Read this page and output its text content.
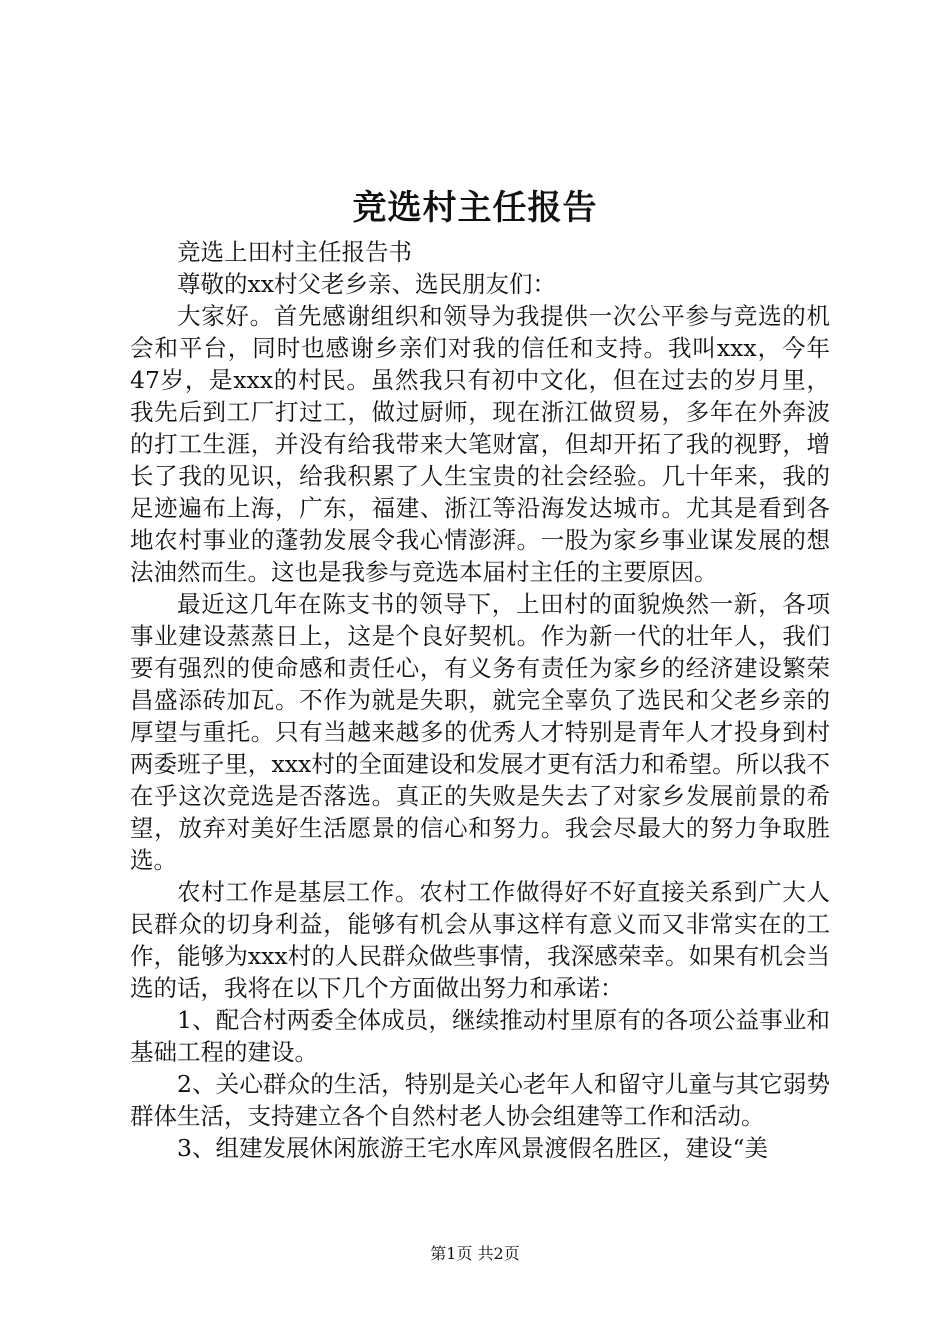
竞选村主任报告

竞选上田村主任报告书

尊敬的xx村父老乡亲、选民朋友们：

大家好。首先感谢组织和领导为我提供一次公平参与竞选的机会和平台，同时也感谢乡亲们对我的信任和支持。我叫xxx，今年47岁，是xxx的村民。虽然我只有初中文化，但在过去的岁月里，我先后到工厂打过工，做过厨师，现在浙江做贸易，多年在外奔波的打工生涯，并没有给我带来大笔财富，但却开拓了我的视野，增长了我的见识，给我积累了人生宝贵的社会经验。几十年来，我的足迹遍布上海，广东，福建、浙江等沿海发达城市。尤其是看到各地农村事业的蓬勃发展令我心情澎湃。一股为家乡事业谋发展的想法油然而生。这也是我参与竞选本届村主任的主要原因。

最近这几年在陈支书的领导下，上田村的面貌焕然一新，各项事业建设蒸蒸日上，这是个良好契机。作为新一代的壮年人，我们要有强烈的使命感和责任心，有义务有责任为家乡的经济建设繁荣昌盛添砖加瓦。不作为就是失职，就完全辜负了选民和父老乡亲的厚望与重托。只有当越来越多的优秀人才特别是青年人才投身到村两委班子里，xxx村的全面建设和发展才更有活力和希望。所以我不在乎这次竞选是否落选。真正的失败是失去了对家乡发展前景的希望，放弃对美好生活愿景的信心和努力。我会尽最大的努力争取胜选。

农村工作是基层工作。农村工作做得好不好直接关系到广大人民群众的切身利益，能够有机会从事这样有意义而又非常实在的工作，能够为xxx村的人民群众做些事情，我深感荣幸。如果有机会当选的话，我将在以下几个方面做出努力和承诺：

1、配合村两委全体成员，继续推动村里原有的各项公益事业和基础工程的建设。

2、关心群众的生活，特别是关心老年人和留守儿童与其它弱势群体生活，支持建立各个自然村老人协会组建等工作和活动。

3、组建发展休闲旅游王宅水库风景渡假名胜区，建设“美

第1页 共2页
